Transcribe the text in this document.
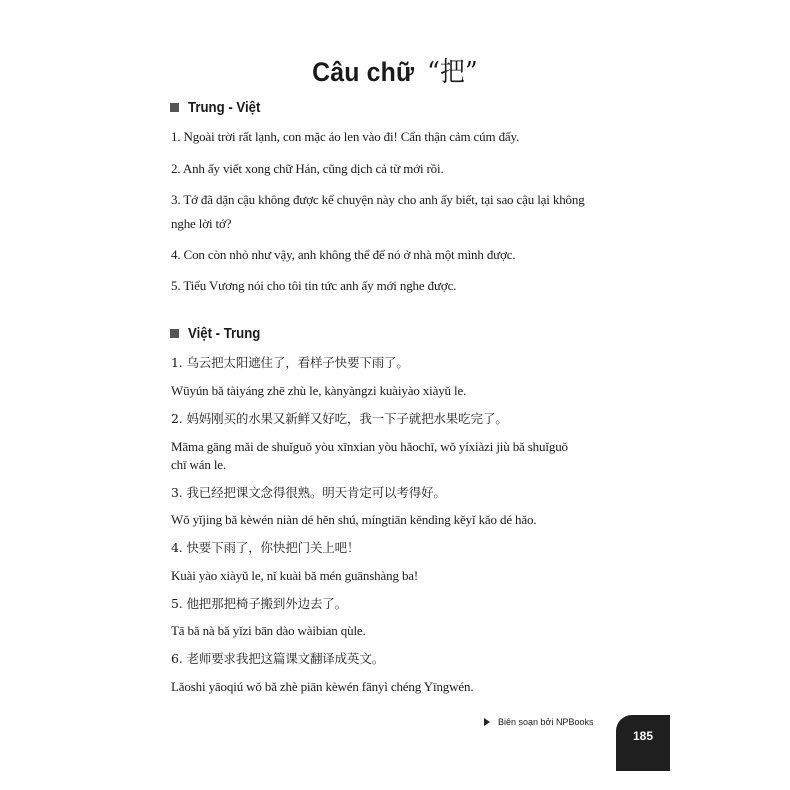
Câu chữ “把”
Trung - Việt
1. Ngoài trời rất lạnh, con mặc áo len vào đi! Cẩn thận cảm cúm đấy.
2. Anh ấy viết xong chữ Hán, cũng dịch cả từ mới rồi.
3. Tớ đã dặn cậu không được kể chuyện này cho anh ấy biết, tại sao cậu lại không
nghe lời tớ?
4. Con còn nhỏ như vậy, anh không thể để nó ở nhà một mình được.
5. Tiểu Vương nói cho tôi tin tức anh ấy mới nghe được.
Việt - Trung
1. 乌云把太阳遮住了，看样子快要下雨了。
Wūyún bǎ tàiyáng zhē zhù le, kànyàngzi kuàiyào xiàyǔ le.
2. 妈妈刚买的水果又新鲜又好吃，我一下子就把水果吃完了。
Māma gāng mǎi de shuǐguǒ yòu xīnxian yòu hǎochī, wǒ yíxiàzi jiù bǎ shuǐguǒ
chī wán le.
3. 我已经把课文念得很熟。明天肯定可以考得好。
Wǒ yǐjing bǎ kèwén niàn dé hěn shú, míngtiān kěndìng kěyǐ kǎo dé hǎo.
4. 快要下雨了，你快把门关上吧！
Kuài yào xiàyǔ le, nǐ kuài bǎ mén guānshàng ba!
5. 他把那把椅子搬到外边去了。
Tā bǎ nà bǎ yǐzi bān dào wàibian qùle.
6. 老师要求我把这篇课文翻译成英文。
Lǎoshi yāoqiú wǒ bǎ zhè piān kèwén fānyì chéng Yīngwén.
Biên soạn bởi NPBooks
185
